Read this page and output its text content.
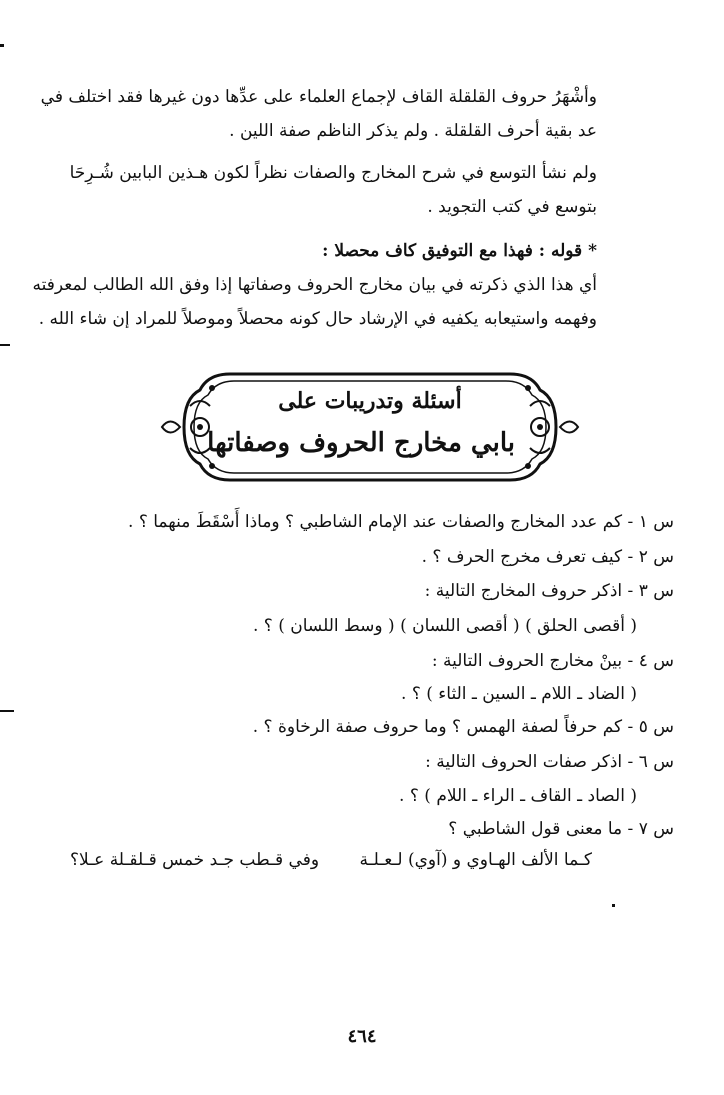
وأشْهَرُ حروف القلقلة القاف لإجماع العلماء على عدِّها دون غيرها فقد اختلف في
عد بقية أحرف القلقلة . ولم يذكر الناظم صفة اللين .
ولم نشأ التوسع في شرح المخارج والصفات نظراً لكون هـذين البابين شُـرِحَا
بتوسع في كتب التجويد .
* قوله : فهذا مع التوفيق كاف محصلا :
أي هذا الذي ذكرته في بيان مخارج الحروف وصفاتها إذا وفق الله الطالب لمعرفته
وفهمه واستيعابه يكفيه في الإرشاد حال كونه محصلاً وموصلاً للمراد إن شاء الله .
أسئلة وتدريبات على
بابي مخارج الحروف وصفاتها
س ١ - كم عدد المخارج والصفات عند الإمام الشاطبي ؟ وماذا أَسْقَطَ منهما ؟ .
س ٢ - كيف تعرف مخرج الحرف ؟ .
س ٣ - اذكر حروف المخارج التالية :
( أقصى الحلق ) ( أقصى اللسان ) ( وسط اللسان ) ؟ .
س ٤ - بينْ مخارج الحروف التالية :
( الضاد ـ اللام ـ السين ـ الثاء ) ؟ .
س ٥ - كم حرفاً لصفة الهمس ؟ وما حروف صفة الرخاوة ؟ .
س ٦ - اذكر صفات الحروف التالية :
( الصاد ـ القاف ـ الراء ـ اللام ) ؟ .
س ٧ - ما معنى قول الشاطبي ؟
كـما الألف الهـاوي و (آوي) لـعـلـة
وفي قـطب جـد خمس قـلقـلة عـلا؟
٤٦٤
